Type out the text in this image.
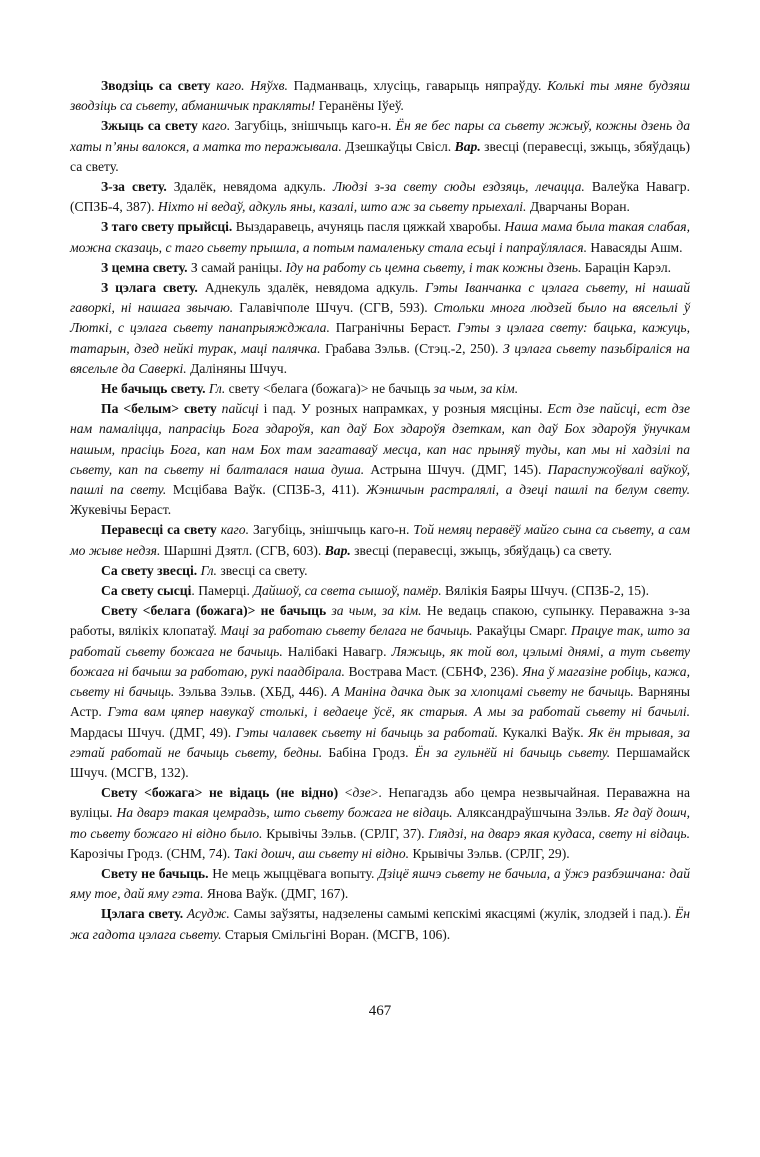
Зводзіць са свету каго. Няўхв. Падманваць, хлусіць, гаварыць няпраўду. Колькі ты мяне будзяш зводзіць са сьвету, абманшчык пракляты! Геранёны Іўеў.

Зжыць са свету каго. Загубіць, знішчыць каго-н. Ён яе бес пары са сьвету жжыў, кожны дзень да хаты п’яны валокся, а матка то перажывала. Дзешкаўцы Свісл. Вар. звесці (перавесці, зжыць, збяўдаць) са свету.

З-за свету. Здалёк, невядома адкуль. Людзі з-за свету сюды ездзяць, лечацца. Валеўка Навагр. (СПЗБ-4, 387). Ніхто ні ведаў, адкуль яны, казалі, што аж за сьвету прыехалі. Дварчаны Воран.

З таго свету прыйсці. Выздаравець, ачуняць пасля цяжкай хваробы. Наша мама была такая слабая, можна сказаць, с таго сьвету прышла, а потым памаленьку стала есьці і папраўлялася. Навасяды Ашм.

З цемна свету. З самай раніцы. Іду на работу сь цемна сьвету, і так кожны дзень. Барацін Карэл.

З цэлага свету. Аднекуль здалёк, невядома адкуль. Гэты Іванчанка с цэлага сьвету, ні нашай гаворкі, ні нашага звычаю. Галавічполе Шчуч. (СГВ, 593). Стольки многа людзей было на вясельлі ў Люткі, с цэлага сьвету панапрыяжджала. Пагранічны Бераст. Гэты з цэлага свету: бацька, кажуць, татарын, дзед нейкі турак, маці палячка. Грабава Зэльв. (Стэц.-2, 250). З цэлага сьвету пазьбіраліся на вясельле да Саверкі. Даліняны Шчуч.

Не бачыць свету. Гл. свету <белага (божага)> не бачыць за чым, за кім.

Па <белым> свету пайсці і пад. У розных напрамках, у розныя мясціны. Ест дзе пайсці, ест дзе нам памаліцца, папрасіць Бога здароўя, кап даў Бох здароўя дзеткам, кап даў Бох здароўя ўнучкам нашым, прасіць Бога, кап нам Бох там загатаваў месца, кап нас прыняў туды, кап мы ні хадзілі па сьвету, кап па сьвету ні балталася наша душа. Астрына Шчуч. (ДМГ, 145). Параспужоўвалі ваўкоў, пашлі па свету. Мсцібава Ваўк. (СПЗБ-3, 411). Жэншчын растралялі, а дзеці пашлі па белум свету. Жукевічы Бераст.

Перавесці са свету каго. Загубіць, знішчыць каго-н. Той немяц перавёў майго сына са сьвету, а сам мо жыве недзя. Шаршні Дзятл. (СГВ, 603). Вар. звесці (перавесці, зжыць, збяўдаць) са свету.

Са свету звесці. Гл. звесці са свету.

Са свету сысці. Памерці. Дайшоў, са света сышоў, памёр. Вялікія Баяры Шчуч. (СПЗБ-2, 15).

Свету <белага (божага)> не бачыць за чым, за кім. Не ведаць спакою, супынку. Пераважна з-за работы, вялікіх клопатаў. Маці за работаю сьвету белага не бачыць. Ракаўцы Смарг. Працуе так, што за работай сьвету божага не бачыць. Налібакі Навагр. Ляжыць, як той вол, цэлымі днямі, а тут сьвету божага ні бачыш за работаю, рукі паадбірала. Вострава Маст. (СБНФ, 236). Яна ў магазіне робіць, кажа, сьвету ні бачыць. Зэльва Зэльв. (ХБД, 446). А Маніна дачка дык за хлопцамі сьвету не бачыць. Варняны Астр. Гэта вам цяпер навукаў столькі, і ведаеце ўсё, як старыя. А мы за работай сьвету ні бачылі. Мардасы Шчуч. (ДМГ, 49). Гэты чалавек сьвету ні бачыць за работай. Кукалкі Ваўк. Як ён трывая, за гэтай работай не бачыць сьвету, бедны. Бабіна Гродз. Ён за гульнёй ні бачыць сьвету. Першамайск Шчуч. (МСГВ, 132).

Свету <божага> не відаць (не відно) <дзе>. Непагадзь або цемра незвычайная. Пераважна на вуліцы. На дварэ такая цемрадзь, што сьвету божага не відаць. Аляксандраўшчына Зэльв. Яг даў дошч, то сьвету божаго ні відно было. Крывічы Зэльв. (СРЛГ, 37). Глядзі, на дварэ якая кудаса, свету ні відаць. Карозічы Гродз. (СНМ, 74). Такі дошч, аш сьвету ні відно. Крывічы Зэльв. (СРЛГ, 29).

Свету не бачыць. Не мець жыццёвага вопыту. Дзіцё яшчэ сьвету не бачыла, а ўжэ разбэшчана: дай яму тое, дай яму гэта. Янова Ваўк. (ДМГ, 167).

Цэлага свету. Асудж. Самы заўзяты, надзелены самымі кепскімі якасцямі (жулік, злодзей і пад.). Ён жа гадота цэлага сьвету. Старыя Смільгіні Воран. (МСГВ, 106).

467
